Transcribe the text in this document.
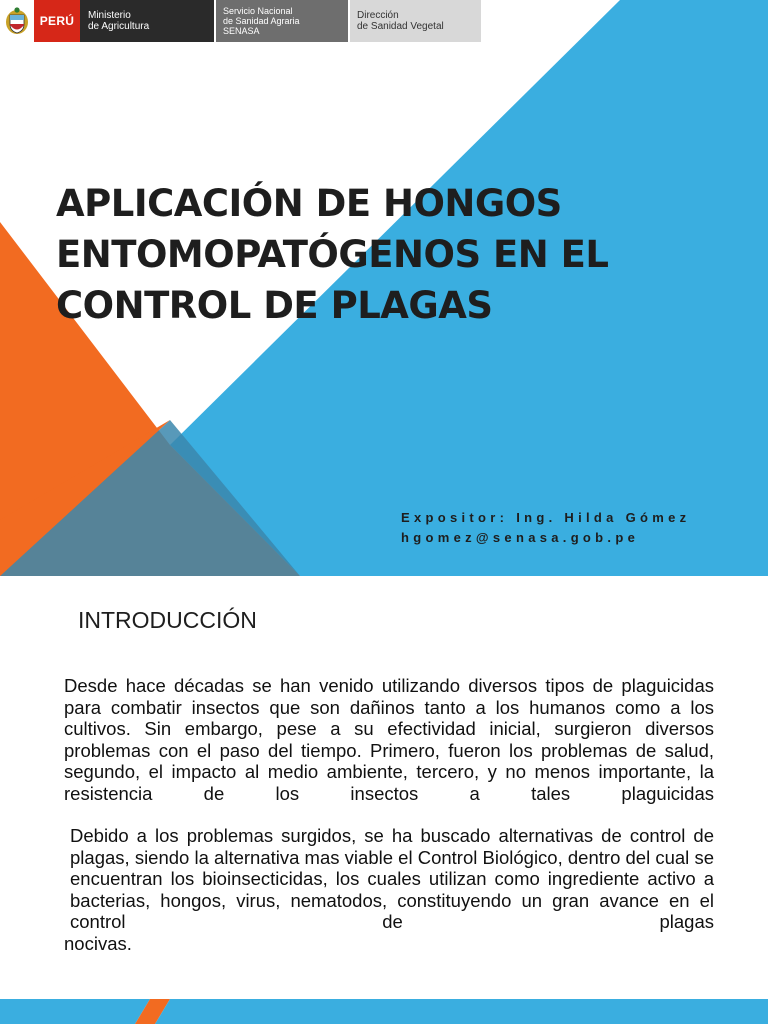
PERÚ	Ministerio
de Agricultura
Servicio Nacional
de Sanidad Agraria
SENASA
Dirección
de Sanidad Vegetal
APLICACIÓN DE HONGOS
ENTOMOPATÓGENOS EN EL
CONTROL DE PLAGAS
Expositor: Ing. Hilda Gómez
hgomez@senasa.gob.pe
INTRODUCCIÓN

Desde hace décadas se han venido utilizando diversos tipos de plaguicidas para combatir insectos que son dañinos tanto a los humanos como a los cultivos. Sin embargo, pese a su efectividad inicial, surgieron diversos problemas con el paso del tiempo. Primero, fueron los problemas de salud, segundo, el impacto al medio ambiente, tercero, y no menos importante, la resistencia de los insectos a tales plaguicidas

Debido a los problemas surgidos, se ha buscado alternativas de control de plagas, siendo la alternativa mas viable el Control Biológico, dentro del cual se encuentran los bioinsecticidas, los cuales utilizan como ingrediente activo a bacterias, hongos, virus, nematodos, constituyendo un gran avance en el control de plagas

nocivas.
